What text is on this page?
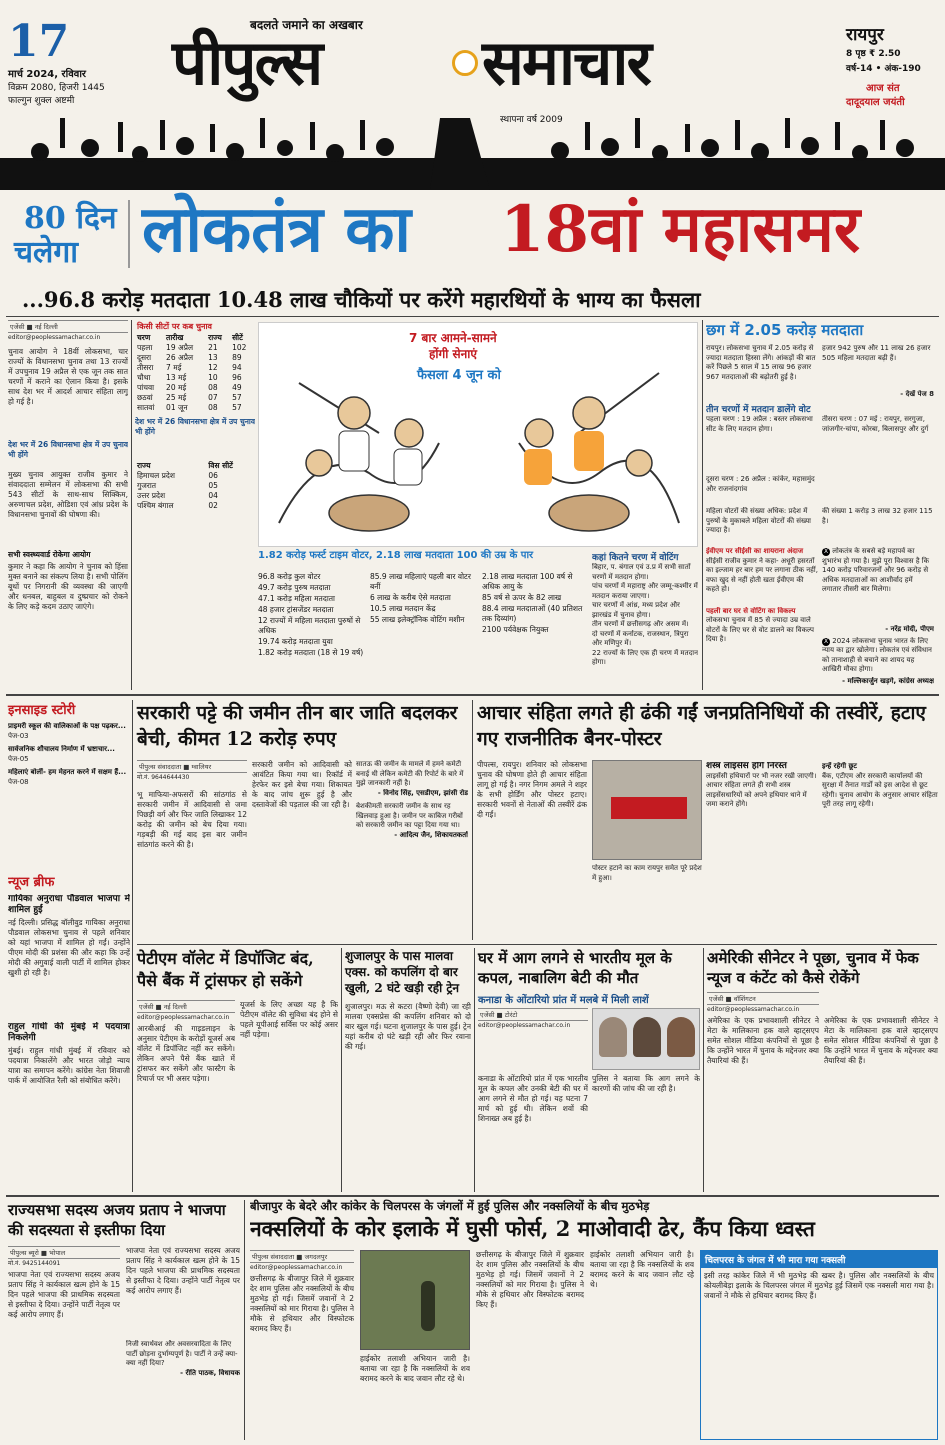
17
मार्च 2024, रविवार
विक्रम 2080, हिजरी 1445
फाल्गुन शुक्ल अष्टमी
बदलते जमाने का अखबार
पीपुल्स	समाचार
स्थापना वर्ष 2009
रायपुर
8 पृष्ठ ₹ 2.50
वर्ष-14 • अंक-190
आज संत
दादूदयाल जयंती
80 दिन
चलेगा लोकतंत्र का 18वां महासमर
...96.8 करोड़ मतदाता 10.48 लाख चौकियों पर करेंगे महारथियों के भाग्य का फैसला
एजेंसी ■ नई दिल्ली
editor@peoplessamachar.co.in
चुनाव आयोग ने 18वीं लोकसभा, चार राज्यों के विधानसभा चुनाव तथा 13 राज्यों में उपचुनाव 19 अप्रैल से एक जून तक सात चरणों में कराने का ऐलान किया है। इसके साथ देश भर में आदर्श आचार संहिता लागू हो गई है।
देश भर में 26 विधानसभा क्षेत्र में उप चुनाव भी होंगे
मुख्य चुनाव आयुक्त राजीव कुमार ने संवाददाता सम्मेलन में लोकसभा की सभी 543 सीटों के साथ-साथ सिक्किम, अरुणाचल प्रदेश, ओडिशा एवं आंध्र प्रदेश के विधानसभा चुनावों की घोषणा की।
सभी स्वस्थ्यवार्ड रोकेगा आयोग
कुमार ने कहा कि आयोग ने चुनाव को हिंसा मुक्त बनाने का संकल्प लिया है। सभी पोलिंग बूथों पर निगरानी की व्यवस्था की जाएगी और धनबल, बाहुबल व दुष्प्रचार को रोकने के लिए कड़े कदम उठाए जाएंगे।
किसी सीटों पर कब चुनाव
चरण	तारीख	राज्य	सीटें
पहला	19 अप्रैल	21	102
दूसरा	26 अप्रैल	13	89
तीसरा	7 मई	12	94
चौथा	13 मई	10	96
पांचवा	20 मई	08	49
छठवां	25 मई	07	57
सातवां	01 जून	08	57
देश भर में 26 विधानसभा क्षेत्र में उप चुनाव भी होंगे
राज्य	विस सीटें
हिमाचल प्रदेश	06
गुजरात	05
उत्तर प्रदेश	04
पश्चिम बंगाल	02
7 बार आमने-सामने
होंगी सेनाएं
फैसला 4 जून को
1.82 करोड़ फर्स्ट टाइम वोटर, 2.18 लाख मतदाता 100 की उम्र के पार
96.8 करोड़ कुल वोटर
49.7 करोड़ पुरुष मतदाता
47.1 करोड़ महिला मतदाता
48 हजार ट्रांसजेंडर मतदाता
12 राज्यों में महिला मतदाता पुरुषों से अधिक
19.74 करोड़ मतदाता युवा
1.82 करोड़ मतदाता (18 से 19 वर्ष)
85.9 लाख महिलाएं पहली बार वोटर बनीं
6 लाख के करीब ऐसे मतदाता
10.5 लाख मतदान केंद्र
55 लाख इलेक्ट्रॉनिक वोटिंग मशीन
2.18 लाख मतदाता 100 वर्ष से अधिक आयु के
85 वर्ष से ऊपर के 82 लाख
88.4 लाख मतदाताओं (40 प्रतिशत तक दिव्यांग)
2100 पर्यवेक्षक नियुक्त
कहां कितने चरण में वोटिंग
बिहार, प. बंगाल एवं उ.प्र में सभी सातों चरणों में मतदान होगा।
पांच चरणों में महाराष्ट्र और जम्मू-कश्मीर में मतदान कराया जाएगा।
चार चरणों में आंध्र, मध्य प्रदेश और झारखंड में चुनाव होगा।
तीन चरणों में छत्तीसगढ़ और असम में।
दो चरणों में कर्नाटक, राजस्थान, त्रिपुरा और मणिपुर में।
22 राज्यों के लिए एक ही चरण में मतदान होगा।
छग में 2.05 करोड़ मतदाता
रायपुर। लोकसभा चुनाव में 2.05 करोड़ से ज्यादा मतदाता हिस्सा लेंगे। आंकड़ों की बात करें पिछले 5 साल में 15 लाख 96 हजार 967 मतदाताओं की बढ़ोतरी हुई है।
हजार 942 पुरुष और 11 लाख 26 हजार 505 महिला मतदाता बढ़ी हैं।
- देखें पेज 8
तीन चरणों में मतदान डालेंगे वोट
पहला चरण : 19 अप्रैल : बस्तर लोकसभा सीट के लिए मतदान होगा।
तीसरा चरण : 07 मई : रायपुर, सरगुजा, जांजगीर-चांपा, कोरबा, बिलासपुर और दुर्ग
दूसरा चरण : 26 अप्रैल : कांकेर, महासमुंद और राजनांदगांव
महिला वोटरों की संख्या अधिक: प्रदेश में पुरुषों के मुकाबले महिला वोटरों की संख्या ज्यादा है।
की संख्या 1 करोड़ 3 लाख 32 हजार 115 है।
ईवीएम पर सीईसी का शायराना अंदाज
सीईसी राजीव कुमार ने कहा- अधूरी हसरतों का इल्जाम हर बार हम पर लगाना ठीक नहीं, वफा खुद से नहीं होती खता ईवीएम की कहते हो।
पहली बार घर से वोटिंग का विकल्प
लोकसभा चुनाव में 85 से ज्यादा उम्र वाले वोटरों के लिए घर से वोट डालने का विकल्प दिया है।
X लोकतंत्र के सबसे बड़े महापर्व का शुभारंभ हो गया है। मुझे पूरा विश्वास है कि 140 करोड़ परिवारजनों और 96 करोड़ से अधिक मतदाताओं का आशीर्वाद हमें लगातार तीसरी बार मिलेगा।
- नरेंद्र मोदी, पीएम
X 2024 लोकसभा चुनाव भारत के लिए न्याय का द्वार खोलेगा। लोकतंत्र एवं संविधान को तानाशाही से बचाने का शायद यह आखिरी मौका होगा।
- मल्लिकार्जुन खड़गे, कांग्रेस अध्यक्ष
इनसाइड स्टोरी
प्राइमरी स्कूल की वालिकाओं के पक्ष पढ़कर...
पेज-03
सार्वजनिक शौचालय निर्माण में भ्रष्टाचार...
पेज-05
महिलाएं बोलीं- हम मेहनत करने में सक्षम हैं...
पेज-08
न्यूज ब्रीफ
गायिका अनुराधा पौडवाल भाजपा में शामिल हुईं
नई दिल्ली। प्रसिद्ध बॉलीवुड गायिका अनुराधा पौडवाल लोकसभा चुनाव से पहले शनिवार को यहां भाजपा में शामिल हो गईं। उन्होंने पीएम मोदी की प्रशंसा की और कहा कि उन्हें मोदी की अगुवाई वाली पार्टी में शामिल होकर खुशी हो रही है।
राहुल गांधी की मुंबई में पदयात्रा निकलेगी
मुंबई। राहुल गांधी मुंबई में रविवार को पदयात्रा निकालेंगे और भारत जोड़ो न्याय यात्रा का समापन करेंगे। कांग्रेस नेता शिवाजी पार्क में आयोजित रैली को संबोधित करेंगे।
सरकारी पट्टे की जमीन तीन बार जाति बदलकर बेची, कीमत 12 करोड़ रुपए
पीपुल्स संवाददाता ■ ग्वालियर
मो.नं. 9644644430
भू माफिया-अफसरों की सांठगांठ से सरकारी जमीन में आदिवासी से जमा पिछड़ी वर्ग और फिर जाति लिखाकर 12 करोड़ की जमीन को बेच दिया गया। गड़बड़ी की गई बाद इस बार जमीन सांठगांठ करने की है।
सरकारी जमीन को आदिवासी को आवंटित किया गया था। रिकॉर्ड में हेरफेर कर इसे बेचा गया। शिकायत के बाद जांच शुरू हुई है और दस्तावेजों की पड़ताल की जा रही है।
सातऊ की जमीन के मामले में हमने कमेटी बनाई थी लेकिन कमेटी की रिपोर्ट के बारे में मुझे जानकारी नहीं है।
- विनोद सिंह, एसडीएम, झांसी रोड
बेशकीमती सरकारी जमीन के साथ रह खिलवाड़ हुआ है। जमीन पर काबिज गरीबों को सरकारी जमीन का पट्टा दिया गया था।
- आदित्य जैन, शिकायतकर्ता
आचार संहिता लगते ही ढंकी गईं जनप्रतिनिधियों की तस्वीरें, हटाए गए राजनीतिक बैनर-पोस्टर
पीपल्स, रायपुर। शनिवार को लोकसभा चुनाव की घोषणा होते ही आचार संहिता लागू हो गई है। नगर निगम अमले ने शहर के सभी होर्डिंग और पोस्टर हटाए। सरकारी भवनों से नेताओं की तस्वीरें ढंक दी गईं।
पोस्टर हटाने का काम रायपुर समेत पूरे प्रदेश में हुआ।
शस्त्र लाइसेंस होंगे निरस्त
लाइसेंसी हथियारों पर भी नजर रखी जाएगी। आचार संहिता लगते ही सभी शस्त्र लाइसेंसधारियों को अपने हथियार थाने में जमा कराने होंगे।
इन्हें रहेगी छूट
बैंक, एटीएम और सरकारी कार्यालयों की सुरक्षा में तैनात गार्डों को इस आदेश से छूट रहेगी। चुनाव आयोग के अनुसार आचार संहिता पूरी तरह लागू रहेगी।
पेटीएम वॉलेट में डिपॉजिट बंद, पैसे बैंक में ट्रांसफर हो सकेंगे
एजेंसी ■ नई दिल्ली
editor@peoplessamachar.co.in
आरबीआई की गाइडलाइन के अनुसार पेटीएम के करोड़ों यूजर्स अब वॉलेट में डिपॉजिट नहीं कर सकेंगे। लेकिन अपने पैसे बैंक खाते में ट्रांसफर कर सकेंगे और फास्टैग के रिचार्ज पर भी असर पड़ेगा।
यूजर्स के लिए अच्छा यह है कि पेटीएम वॉलेट की सुविधा बंद होने से पहले यूपीआई सर्विस पर कोई असर नहीं पड़ेगा।
शुजालपुर के पास मालवा एक्स. को कपलिंग दो बार खुली, 2 घंटे खड़ी रही ट्रेन
शुजालपुर। मऊ से कटरा (वैष्णो देवी) जा रही मालवा एक्सप्रेस की कपलिंग शनिवार को दो बार खुल गई। घटना शुजालपुर के पास हुई। ट्रेन यहां करीब दो घंटे खड़ी रही और फिर रवाना की गई।
घर में आग लगने से भारतीय मूल के कपल, नाबालिग बेटी की मौत
कनाडा के ओंटारियो प्रांत में मलबे में मिली लाशें
एजेंसी ■ टोरंटो
editor@peoplessamachar.co.in
कनाडा के ओंटारियो प्रांत में एक भारतीय मूल के कपल और उनकी बेटी की घर में आग लगने से मौत हो गई। यह घटना 7 मार्च को हुई थी। लेकिन शवों की शिनाख्त अब हुई है।
पुलिस ने बताया कि आग लगने के कारणों की जांच की जा रही है।
अमेरिकी सीनेटर ने पूछा, चुनाव में फेक न्यूज व कंटेंट को कैसे रोकेंगे
एजेंसी ■ वॉशिंगटन
editor@peoplessamachar.co.in
अमेरिका के एक प्रभावशाली सीनेटर ने मेटा के मालिकाना हक वाले व्हाट्सएप समेत सोशल मीडिया कंपनियों से पूछा है कि उन्होंने भारत में चुनाव के मद्देनजर क्या तैयारियां की हैं।
अमेरिका के एक प्रभावशाली सीनेटर ने मेटा के मालिकाना हक वाले व्हाट्सएप समेत सोशल मीडिया कंपनियों से पूछा है कि उन्होंने भारत में चुनाव के मद्देनजर क्या तैयारियां की हैं।
राज्यसभा सदस्य अजय प्रताप ने भाजपा की सदस्यता से इस्तीफा दिया
पीपुल्स ब्यूरो ■ भोपाल
मो.नं. 9425144091
भाजपा नेता एवं राज्यसभा सदस्य अजय प्रताप सिंह ने कार्यकाल खत्म होने के 15 दिन पहले भाजपा की प्राथमिक सदस्यता से इस्तीफा दे दिया। उन्होंने पार्टी नेतृत्व पर कई आरोप लगाए हैं।
भाजपा नेता एवं राज्यसभा सदस्य अजय प्रताप सिंह ने कार्यकाल खत्म होने के 15 दिन पहले भाजपा की प्राथमिक सदस्यता से इस्तीफा दे दिया। उन्होंने पार्टी नेतृत्व पर कई आरोप लगाए हैं।
निजी स्वार्थवश और अवसरवादिता के लिए पार्टी छोड़ना दुर्भाग्यपूर्ण है। पार्टी ने उन्हें क्या-क्या नहीं दिया?
- रीति पाठक, विधायक
बीजापुर के बेदरे और कांकेर के चिलपरस के जंगलों में हुई पुलिस और नक्सलियों के बीच मुठभेड़
नक्सलियों के कोर इलाके में घुसी फोर्स, 2 माओवादी ढेर, कैंप किया ध्वस्त
पीपुल्स संवाददाता ■ जगदलपुर
editor@peoplessamachar.co.in
छत्तीसगढ़ के बीजापुर जिले में शुक्रवार देर शाम पुलिस और नक्सलियों के बीच मुठभेड़ हो गई। जिसमें जवानों ने 2 नक्सलियों को मार गिराया है। पुलिस ने मौके से हथियार और विस्फोटक बरामद किए हैं।
हाईकोर तलाशी अभियान जारी है। बताया जा रहा है कि नक्सलियों के शव बरामद करने के बाद जवान लौट रहे थे।
छत्तीसगढ़ के बीजापुर जिले में शुक्रवार देर शाम पुलिस और नक्सलियों के बीच मुठभेड़ हो गई। जिसमें जवानों ने 2 नक्सलियों को मार गिराया है। पुलिस ने मौके से हथियार और विस्फोटक बरामद किए हैं।
हाईकोर तलाशी अभियान जारी है। बताया जा रहा है कि नक्सलियों के शव बरामद करने के बाद जवान लौट रहे थे।
चिलपरस के जंगल में भी मारा गया नक्सली
इसी तरह कांकेर जिले में भी मुठभेड़ की खबर है। पुलिस और नक्सलियों के बीच कोयलीबेड़ा इलाके के चिलपरस जंगल में मुठभेड़ हुई जिसमें एक नक्सली मारा गया है। जवानों ने मौके से हथियार बरामद किए हैं।
